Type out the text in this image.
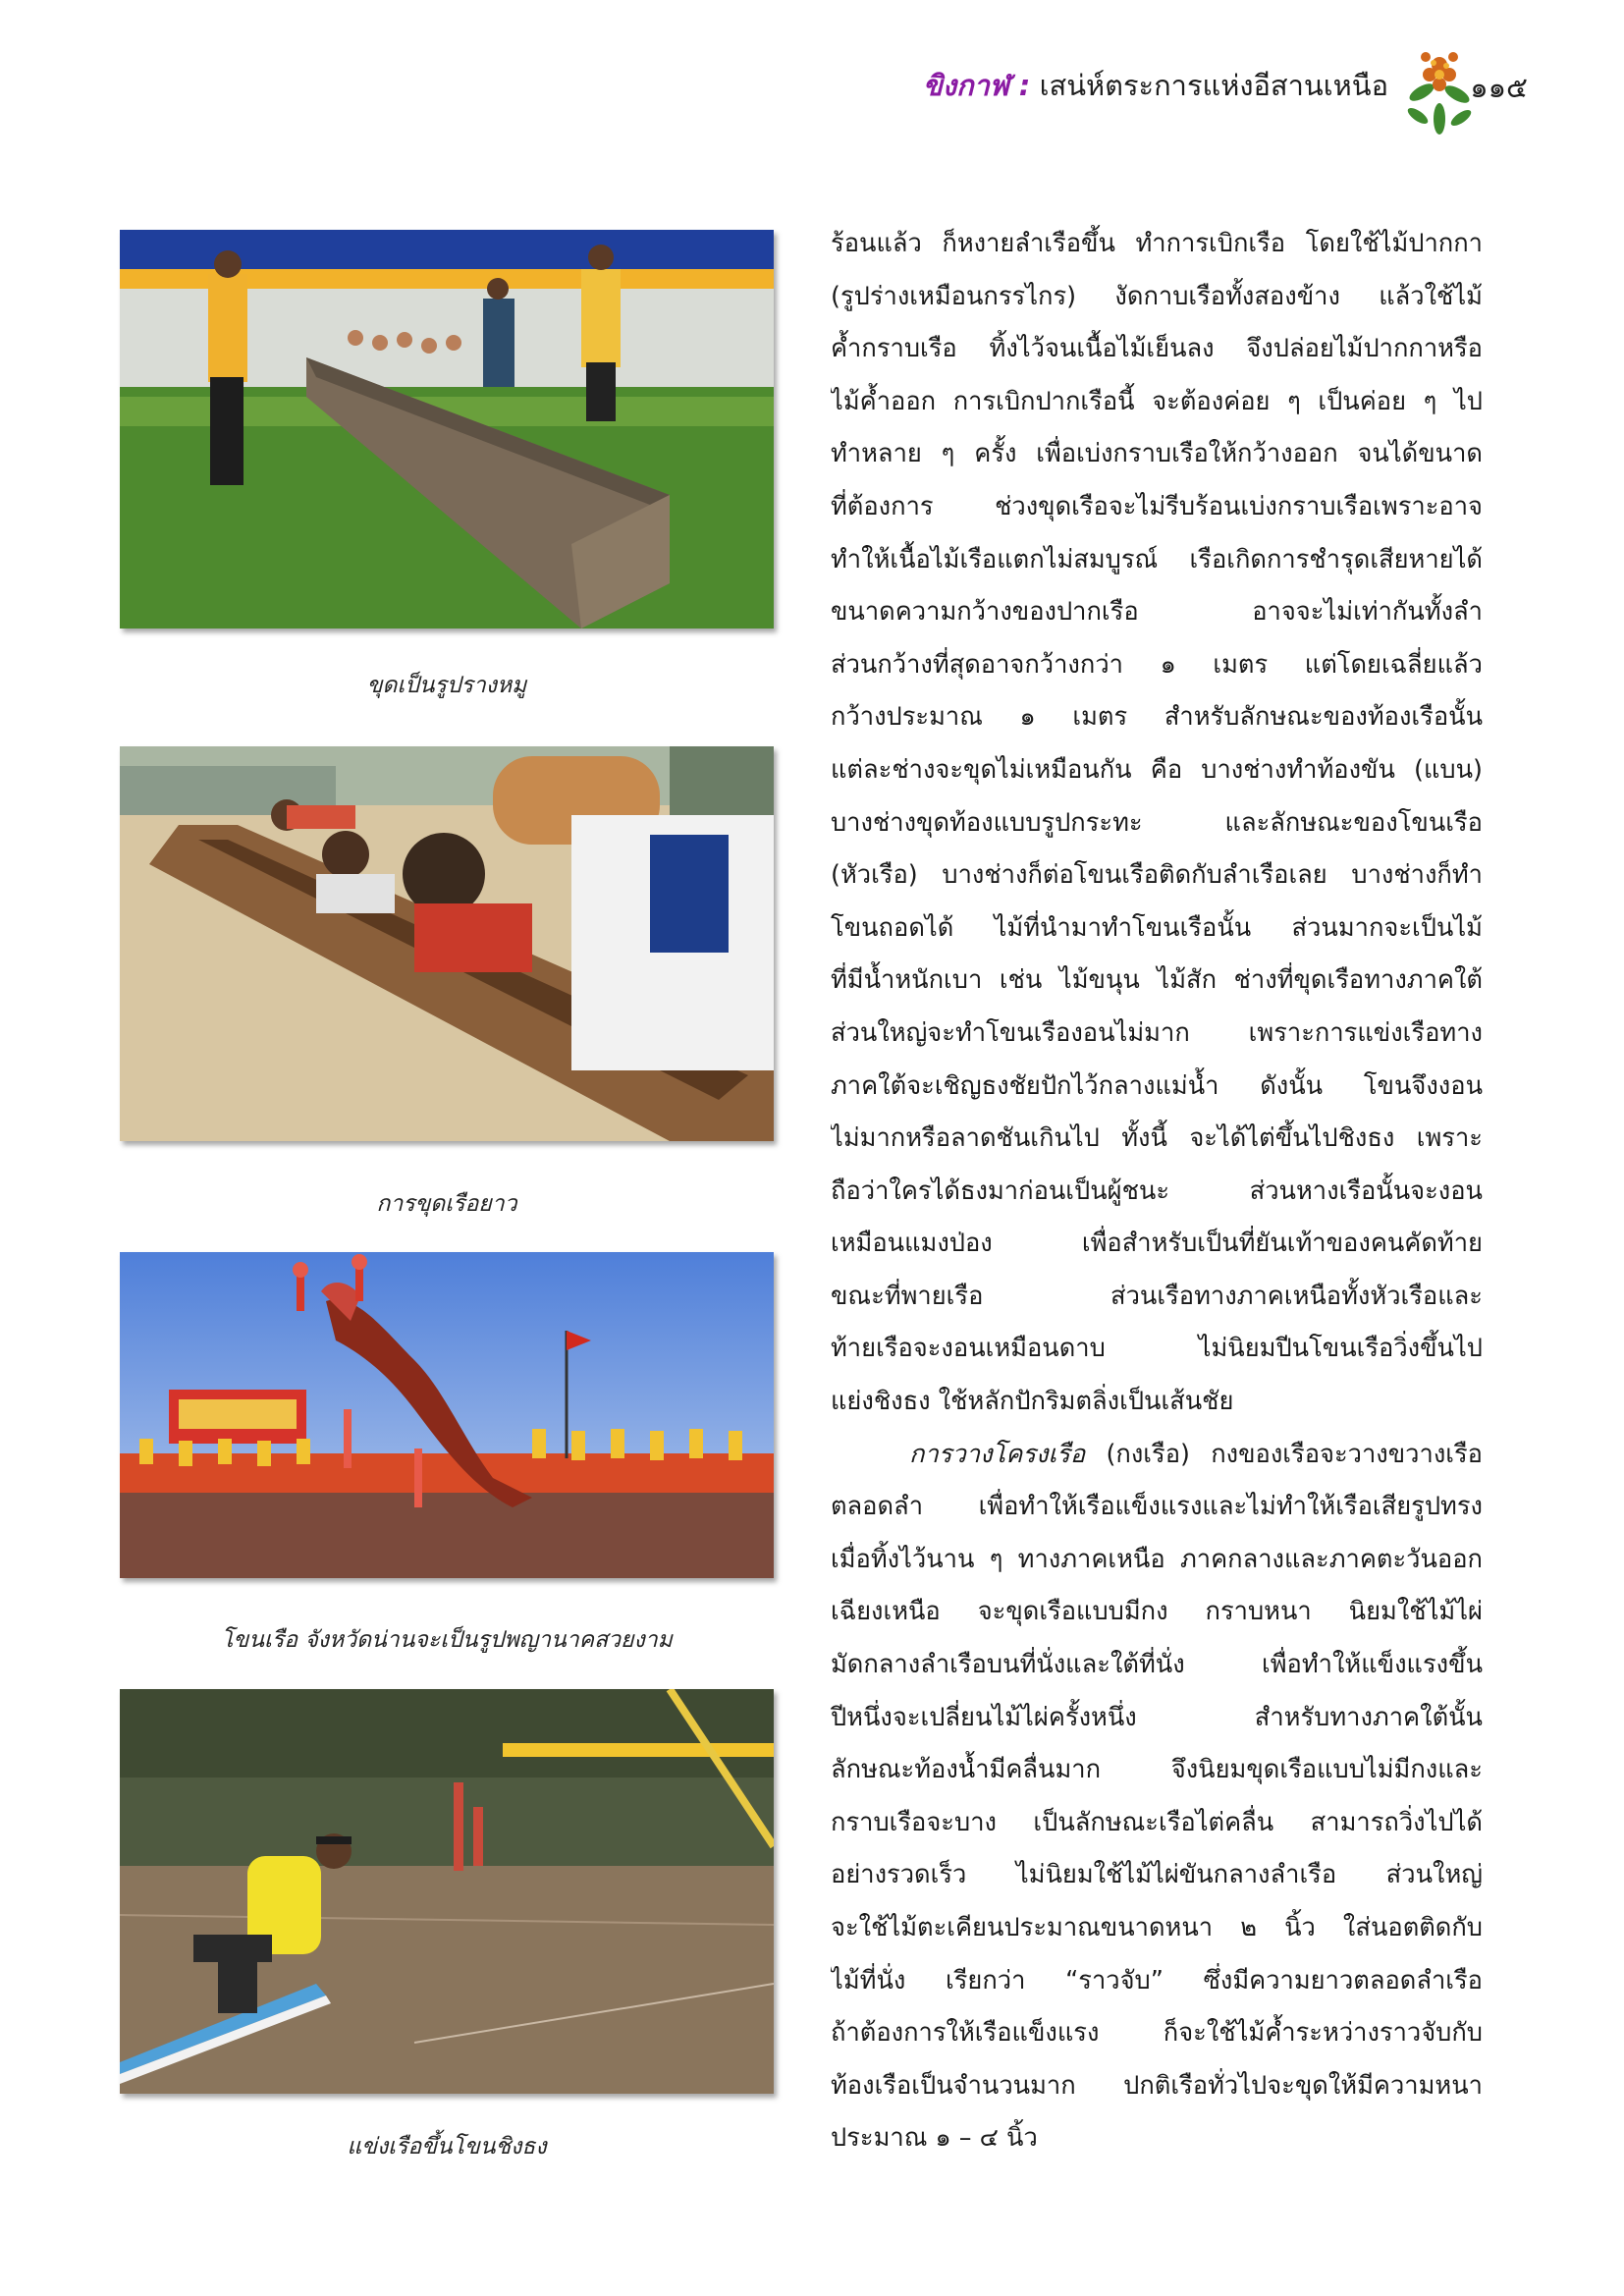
ขิงกาฬ : เสน่ห์ตระการแห่งอีสานเหนือ	๑๑๕
ขุดเป็นรูปรางหมู
การขุดเรือยาว
โขนเรือ จังหวัดน่านจะเป็นรูปพญานาคสวยงาม
แข่งเรือขึ้นโขนชิงธง
ร้อนแล้ว ก็หงายลำเรือขึ้น ทำการเบิกเรือ โดยใช้ไม้ปากกา
(รูปร่างเหมือนกรรไกร) งัดกาบเรือทั้งสองข้าง แล้วใช้ไม้
ค้ำกราบเรือ ทิ้งไว้จนเนื้อไม้เย็นลง จึงปล่อยไม้ปากกาหรือ
ไม้ค้ำออก การเบิกปากเรือนี้ จะต้องค่อย ๆ เป็นค่อย ๆ ไป
ทำหลาย ๆ ครั้ง เพื่อเบ่งกราบเรือให้กว้างออก จนได้ขนาด
ที่ต้องการ ช่วงขุดเรือจะไม่รีบร้อนเบ่งกราบเรือเพราะอาจ
ทำให้เนื้อไม้เรือแตกไม่สมบูรณ์ เรือเกิดการชำรุดเสียหายได้
ขนาดความกว้างของปากเรือ อาจจะไม่เท่ากันทั้งลำ
ส่วนกว้างที่สุดอาจกว้างกว่า ๑ เมตร แต่โดยเฉลี่ยแล้ว
กว้างประมาณ ๑ เมตร สำหรับลักษณะของท้องเรือนั้น
แต่ละช่างจะขุดไม่เหมือนกัน คือ บางช่างทำท้องขัน (แบน)
บางช่างขุดท้องแบบรูปกระทะ และลักษณะของโขนเรือ
(หัวเรือ) บางช่างก็ต่อโขนเรือติดกับลำเรือเลย บางช่างก็ทำ
โขนถอดได้ ไม้ที่นำมาทำโขนเรือนั้น ส่วนมากจะเป็นไม้
ที่มีน้ำหนักเบา เช่น ไม้ขนุน ไม้สัก ช่างที่ขุดเรือทางภาคใต้
ส่วนใหญ่จะทำโขนเรืองอนไม่มาก เพราะการแข่งเรือทาง
ภาคใต้จะเชิญธงชัยปักไว้กลางแม่น้ำ ดังนั้น โขนจึงงอน
ไม่มากหรือลาดชันเกินไป ทั้งนี้ จะได้ไต่ขึ้นไปชิงธง เพราะ
ถือว่าใครได้ธงมาก่อนเป็นผู้ชนะ ส่วนหางเรือนั้นจะงอน
เหมือนแมงป่อง เพื่อสำหรับเป็นที่ยันเท้าของคนคัดท้าย
ขณะที่พายเรือ ส่วนเรือทางภาคเหนือทั้งหัวเรือและ
ท้ายเรือจะงอนเหมือนดาบ ไม่นิยมปีนโขนเรือวิ่งขึ้นไป
แย่งชิงธง ใช้หลักปักริมตลิ่งเป็นเส้นชัย
การวางโครงเรือ (กงเรือ) กงของเรือจะวางขวางเรือ
ตลอดลำ เพื่อทำให้เรือแข็งแรงและไม่ทำให้เรือเสียรูปทรง
เมื่อทิ้งไว้นาน ๆ ทางภาคเหนือ ภาคกลางและภาคตะวันออก
เฉียงเหนือ จะขุดเรือแบบมีกง กราบหนา นิยมใช้ไม้ไผ่
มัดกลางลำเรือบนที่นั่งและใต้ที่นั่ง เพื่อทำให้แข็งแรงขึ้น
ปีหนึ่งจะเปลี่ยนไม้ไผ่ครั้งหนึ่ง สำหรับทางภาคใต้นั้น
ลักษณะท้องน้ำมีคลื่นมาก จึงนิยมขุดเรือแบบไม่มีกงและ
กราบเรือจะบาง เป็นลักษณะเรือไต่คลื่น สามารถวิ่งไปได้
อย่างรวดเร็ว ไม่นิยมใช้ไม้ไผ่ขันกลางลำเรือ ส่วนใหญ่
จะใช้ไม้ตะเคียนประมาณขนาดหนา ๒ นิ้ว ใส่นอตติดกับ
ไม้ที่นั่ง เรียกว่า “ราวจับ” ซึ่งมีความยาวตลอดลำเรือ
ถ้าต้องการให้เรือแข็งแรง ก็จะใช้ไม้ค้ำระหว่างราวจับกับ
ท้องเรือเป็นจำนวนมาก ปกติเรือทั่วไปจะขุดให้มีความหนา
ประมาณ ๑ – ๔ นิ้ว
